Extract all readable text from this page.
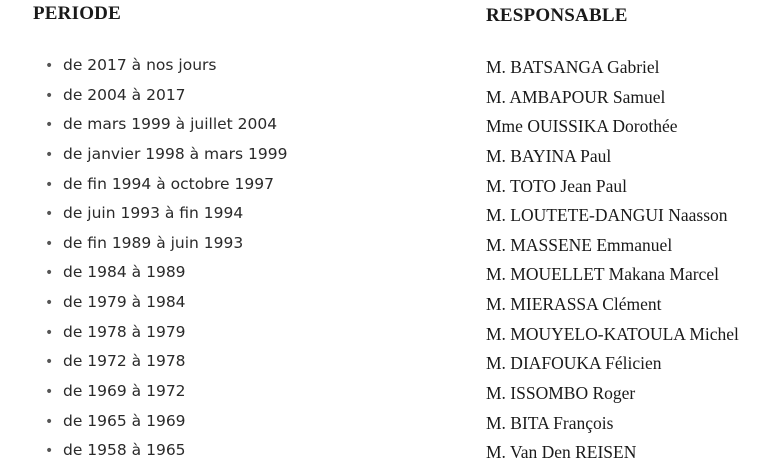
PERIODE	RESPONSABLE
• de 2017 à nos jours
• de 2004 à 2017
• de mars 1999 à juillet 2004
• de janvier 1998 à mars 1999
• de fin 1994 à octobre 1997
• de juin 1993 à fin 1994
• de fin 1989 à juin 1993
• de 1984 à 1989
• de 1979 à 1984
• de 1978 à 1979
• de 1972 à 1978
• de 1969 à 1972
• de 1965 à 1969
• de 1958 à 1965
M. BATSANGA Gabriel
M. AMBAPOUR Samuel
Mme OUISSIKA Dorothée
M. BAYINA Paul
M. TOTO Jean Paul
M. LOUTETE-DANGUI Naasson
M. MASSENE Emmanuel
M. MOUELLET Makana Marcel
M. MIERASSA Clément
M. MOUYELO-KATOULA Michel
M. DIAFOUKA Félicien
M. ISSOMBO Roger
M. BITA François
M. Van Den REISEN
